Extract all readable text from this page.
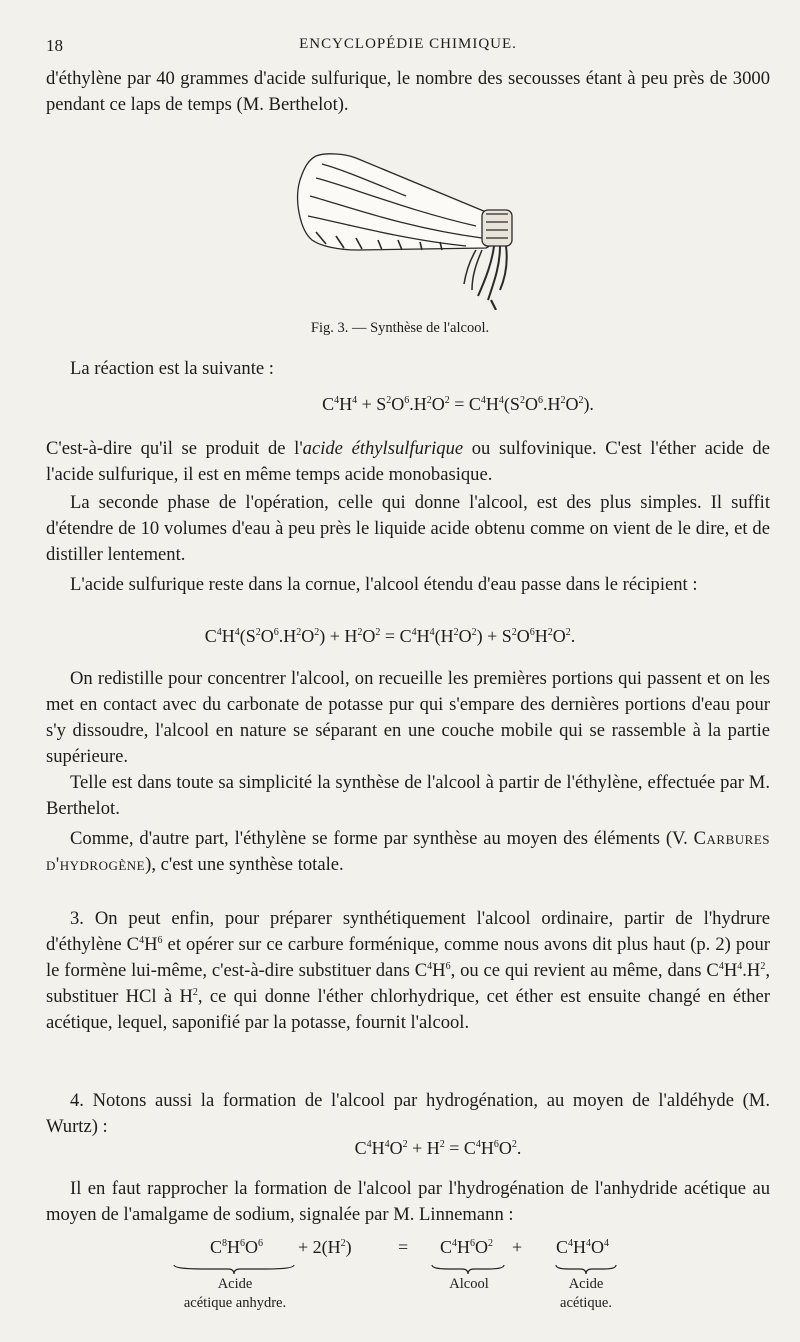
18	ENCYCLOPÉDIE CHIMIQUE.
d'éthylène par 40 grammes d'acide sulfurique, le nombre des secousses étant à peu près de 3000 pendant ce laps de temps (M. Berthelot).
Fig. 3. — Synthèse de l'alcool.
La réaction est la suivante :
$C^4H^4 + S^2O^6.H^2O^2 = C^4H^4(S^2O^6.H^2O^2)$.
C'est-à-dire qu'il se produit de l'acide éthylsulfurique ou sulfovinique. C'est l'éther acide de l'acide sulfurique, il est en même temps acide monobasique.
La seconde phase de l'opération, celle qui donne l'alcool, est des plus simples. Il suffit d'étendre de 10 volumes d'eau à peu près le liquide acide obtenu comme on vient de le dire, et de distiller lentement.
L'acide sulfurique reste dans la cornue, l'alcool étendu d'eau passe dans le récipient :
$C^4H^4(S^2O^6.H^2O^2) + H^2O^2 = C^4H^4(H^2O^2) + S^2O^6H^2O^2$.
On redistille pour concentrer l'alcool, on recueille les premières portions qui passent et on les met en contact avec du carbonate de potasse pur qui s'empare des dernières portions d'eau pour s'y dissoudre, l'alcool en nature se séparant en une couche mobile qui se rassemble à la partie supérieure.
Telle est dans toute sa simplicité la synthèse de l'alcool à partir de l'éthylène, effectuée par M. Berthelot.
Comme, d'autre part, l'éthylène se forme par synthèse au moyen des éléments (V. Carbures d'hydrogène), c'est une synthèse totale.
3. On peut enfin, pour préparer synthétiquement l'alcool ordinaire, partir de l'hydrure d'éthylène $C^4H^6$ et opérer sur ce carbure forménique, comme nous avons dit plus haut (p. 2) pour le formène lui-même, c'est-à-dire substituer dans $C^4H^6$, ou ce qui revient au même, dans $C^4H^4.H^2$, substituer HCl à $H^2$, ce qui donne l'éther chlorhydrique, cet éther est ensuite changé en éther acétique, lequel, saponifié par la potasse, fournit l'alcool.
4. Notons aussi la formation de l'alcool par hydrogénation, au moyen de l'aldéhyde (M. Wurtz) :
$C^4H^4O^2 + H^2 = C^4H^6O^2$.
Il en faut rapprocher la formation de l'alcool par l'hydrogénation de l'anhydride acétique au moyen de l'amalgame de sodium, signalée par M. Linnemann :
$C^8H^6O^6 + 2(H^2)$	= $C^4H^6O^2 + C^4H^4O^4$
Acide
acétique anhydre.
Alcool	Acide
acétique.
